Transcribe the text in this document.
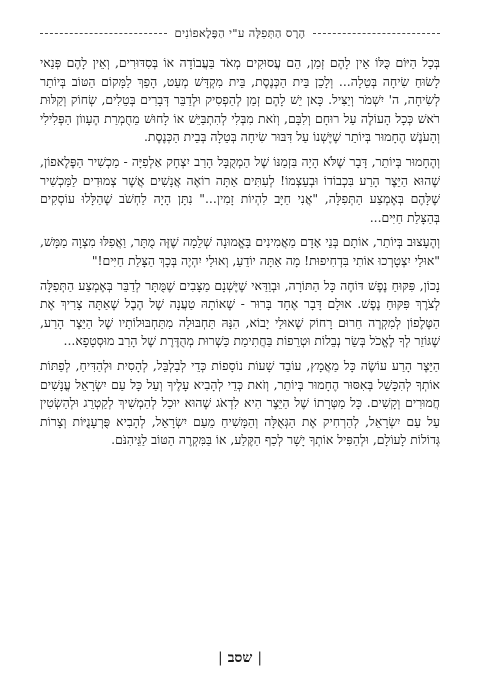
הֶרֶס הַתְּפִלָּה ע"י הַפֶּלֶאפוֹנִים

בְּכָל הַיּוֹם כֻּלּוֹ אֵין לָהֶם זְמַן, הֵם עֲסוּקִים מְאֹד בַּעֲבוֹדָה אוֹ בְּסִדּוּרִים, וְאֵין לָהֶם פְּנַאי לָשׂוּחַ שִׂיחָה בְּטֵלָה... וְלָכֵן בֵּית הַכְּנֶסֶת, בֵּית מִקְדָּשׁ מְעַט, הָפַךְ לַמָּקוֹם הַטּוֹב בְּיוֹתֵר לְשִׂיחָה, ה' יִשְׁמֹר וְיַצִּיל. כָּאן יֵשׁ לָהֶם זְמַן לְהַפְסִיק וּלְדַבֵּר דְּבָרִים בְּטֵלִים, שְׂחוֹק וְקַלּוּת רֹאשׁ כְּכָל הָעוֹלֶה עַל רוּחָם וְלִבָּם, וְזֹאת מִבְּלִי לְהִתְבַּיֵּשׁ אוֹ לָחוּשׁ מֵחֻמְרַת הֶעָווֹן הַפְּלִילִי וְהָעֹנֶשׁ הֶחָמוּר בְּיוֹתֵר שֶׁיֶּשְׁנוֹ עַל דִּבּוּר שִׂיחָה בְּטֵלָה בְּבֵית הַכְּנֶסֶת.

וְהֶחָמוּר בְּיוֹתֵר, דָּבָר שֶׁלֹּא הָיָה בִּזְמַנּוֹ שֶׁל הַמְקֻבָּל הָרַב יִצְחָק אַלְפִיָּה - מַכְשִׁיר הַפֶּלֶאפוֹן, שֶׁהוּא הַיֵּצֶר הָרַע בִּכְבוֹדוֹ וּבְעַצְמוֹ! לְעִתִּים אַתָּה רוֹאֶה אֲנָשִׁים אֲשֶׁר צְמוּדִים לַמַּכְשִׁיר שֶׁלָּהֶם בְּאֶמְצַע הַתְּפִלָּה, "אֲנִי חַיָּב לִהְיוֹת זָמִין..." נִתָּן הָיָה לַחְשֹׁב שֶׁהַלָּלוּ עוֹסְקִים בְּהַצָּלַת חַיִּים...

וְהֶעָצוּב בְּיוֹתֵר, אוֹתָם בְּנֵי אָדָם מַאֲמִינִים בָּאֱמוּנָה שְׁלֵמָה שֶׁזֶּה מֻתָּר, וַאֲפִלּוּ מִצְוָה מַמָּשׁ, "אוּלַי יִצְטָרְכוּ אוֹתִי בִּדְחִיפוּת! מָה אַתָּה יוֹדֵעַ, וְאוּלַי יִהְיֶה בְּכָךְ הַצָּלַת חַיִּים!"

נָכוֹן, פִּקּוּחַ נֶפֶשׁ דּוֹחֶה כָּל הַתּוֹרָה, וּבְוַדַּאי שֶׁיֶּשְׁנָם מַצָּבִים שֶׁמֻּתָּר לְדַבֵּר בְּאֶמְצַע הַתְּפִלָּה לְצֹרֶךְ פִּקּוּחַ נֶפֶשׁ. אוּלָם דָּבָר אֶחָד בָּרוּר - שֶׁאוֹתָהּ טַעֲנָה שֶׁל הֶבֶל שֶׁאַתָּה צָרִיךְ אֶת הַטֶּלֶפוֹן לְמִקְרֶה חֵרוּם רָחוֹק שֶׁאוּלַי יָבוֹא, הִנָּהּ תַּחְבּוּלָה מִתַּחְבּוּלוֹתָיו שֶׁל הַיֵּצֶר הָרַע, שֶׁגּוֹזֵר לְךָ לֶאֱכֹל בְּשַׂר נְבֵלוֹת וּטְרֵפוֹת בַּחֲתִימַת כַּשְׁרוּת מְהֻדֶּרֶת שֶׁל הָרַב מוּסְטָפָא...

הַיֵּצֶר הָרַע עוֹשֶׂה כָּל מַאֲמָץ, עוֹבֵד שָׁעוֹת נוֹסָפוֹת כְּדֵי לְבַלְבֵּל, לְהָסִית וּלְהַדִּיחַ, לְפַתּוֹת אוֹתְךָ לְהִכָּשֵׁל בְּאִסּוּר הֶחָמוּר בְּיוֹתֵר, וְזֹאת כְּדֵי לְהָבִיא עָלֶיךָ וְעַל כָּל עַם יִשְׂרָאֵל עֳנָשִׁים חֲמוּרִים וְקָשִׁים. כָּל מַטְּרָתוֹ שֶׁל הַיֵּצֶר הִיא לִדְאֹג שֶׁהוּא יוּכַל לְהַמְשִׁיךְ לְקַטְרֵג וּלְהַשְׂטִין עַל עַם יִשְׂרָאֵל, לְהַרְחִיק אֶת הַגְּאֻלָּה וְהַמָּשִׁיחַ מֵעַם יִשְׂרָאֵל, לְהָבִיא פֻּרְעָנֻיּוֹת וְצָרוֹת גְּדוֹלוֹת לָעוֹלָם, וּלְהַפִּיל אוֹתְךָ יָשָׁר לְכַף הַקֶּלַע, אוֹ בַּמִּקְרֶה הַטּוֹב לַגֵּיהִנֹּם.

|שסב|
